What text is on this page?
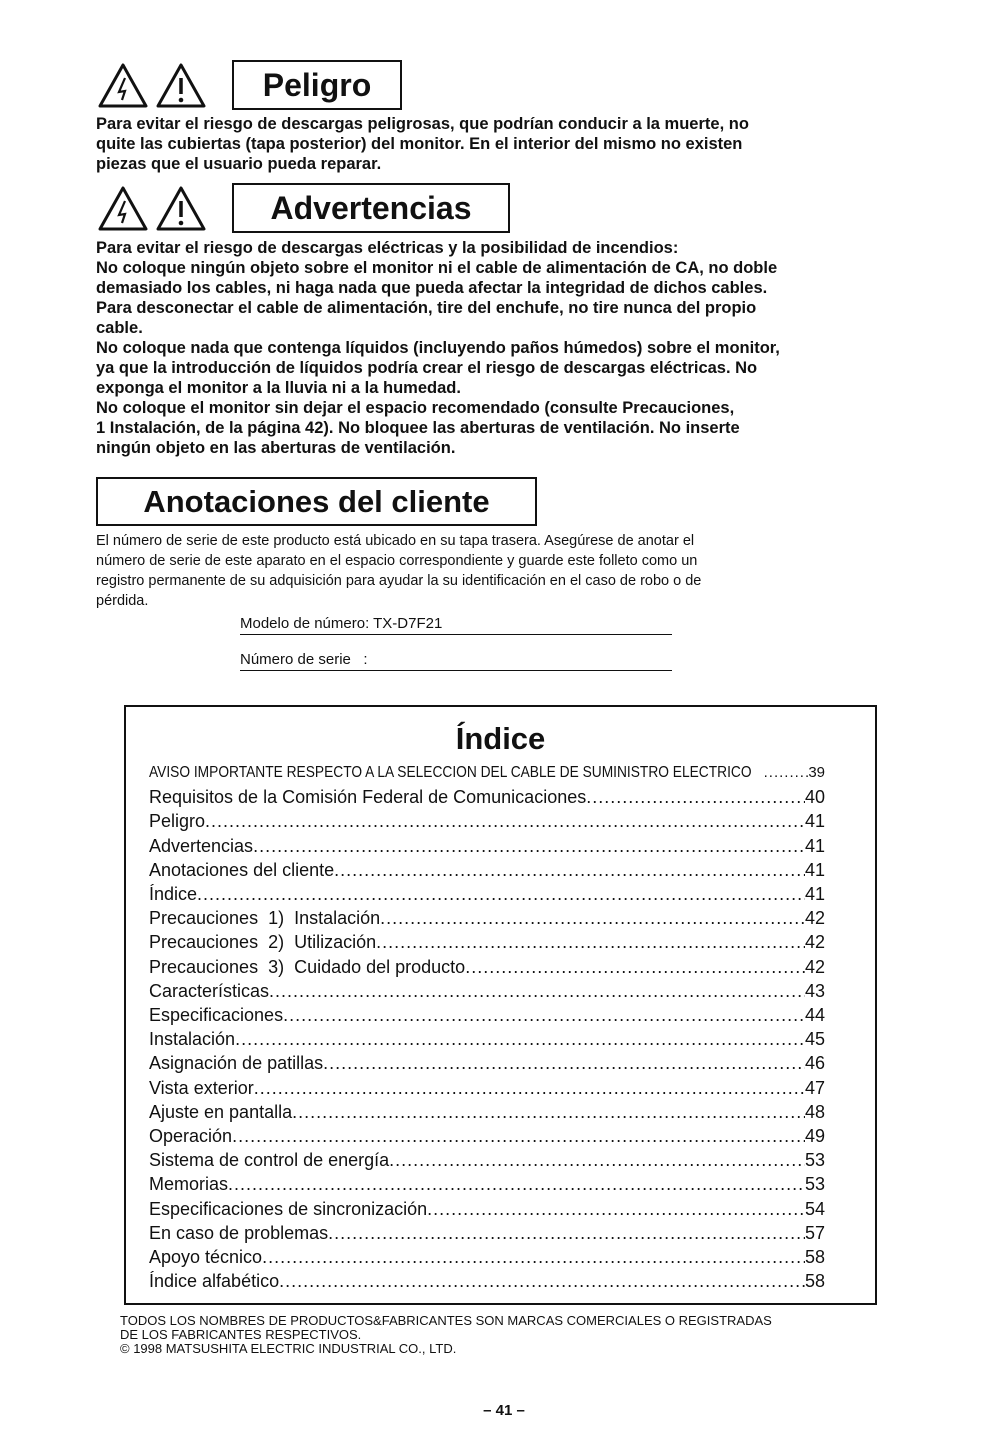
Peligro
Para evitar el riesgo de descargas peligrosas, que podrían conducir a la muerte, no
quite las cubiertas (tapa posterior) del monitor. En el interior del mismo no existen
piezas que el usuario pueda reparar.
Advertencias
Para evitar el riesgo de descargas eléctricas y la posibilidad de incendios:
No coloque ningún objeto sobre el monitor ni el cable de alimentación de CA, no doble
demasiado los cables, ni haga nada que pueda afectar la integridad de dichos cables.
Para desconectar el cable de alimentación, tire del enchufe, no tire nunca del propio
cable.
No coloque nada que contenga líquidos (incluyendo paños húmedos) sobre el monitor,
ya que la introducción de líquidos podría crear el riesgo de descargas eléctricas. No
exponga el monitor a la lluvia ni a la humedad.
No coloque el monitor sin dejar el espacio recomendado (consulte Precauciones,
1 Instalación, de la página 42). No bloquee las aberturas de ventilación. No inserte
ningún objeto en las aberturas de ventilación.
Anotaciones del cliente
El número de serie de este producto está ubicado en su tapa trasera. Asegúrese de anotar el
número de serie de este aparato en el espacio correspondiente y guarde este folleto como un
registro permanente de su adquisición para ayudar la su identificación en el caso de robo o de
pérdida.
Modelo de número: TX-D7F21
Número de serie   :
Índice
AVISO IMPORTANTE RESPECTO A LA SELECCION DEL CABLE DE SUMINISTRO ELECTRICO .....	39
Requisitos de la Comisión Federal de Comunicaciones .....	40
Peligro .....	41
Advertencias .....	41
Anotaciones del cliente .....	41
Índice .....	41
Precauciones  1)  Instalación .....	42
Precauciones  2)  Utilización .....	42
Precauciones  3)  Cuidado del producto .....	42
Características .....	43
Especificaciones .....	44
Instalación .....	45
Asignación de patillas .....	46
Vista exterior .....	47
Ajuste en pantalla .....	48
Operación .....	49
Sistema de control de energía .....	53
Memorias .....	53
Especificaciones de sincronización .....	54
En caso de problemas .....	57
Apoyo técnico .....	58
Índice alfabético .....	58
TODOS LOS NOMBRES DE PRODUCTOS&FABRICANTES SON MARCAS COMERCIALES O REGISTRADAS
DE LOS FABRICANTES RESPECTIVOS.
© 1998 MATSUSHITA ELECTRIC INDUSTRIAL CO., LTD.
– 41 –
